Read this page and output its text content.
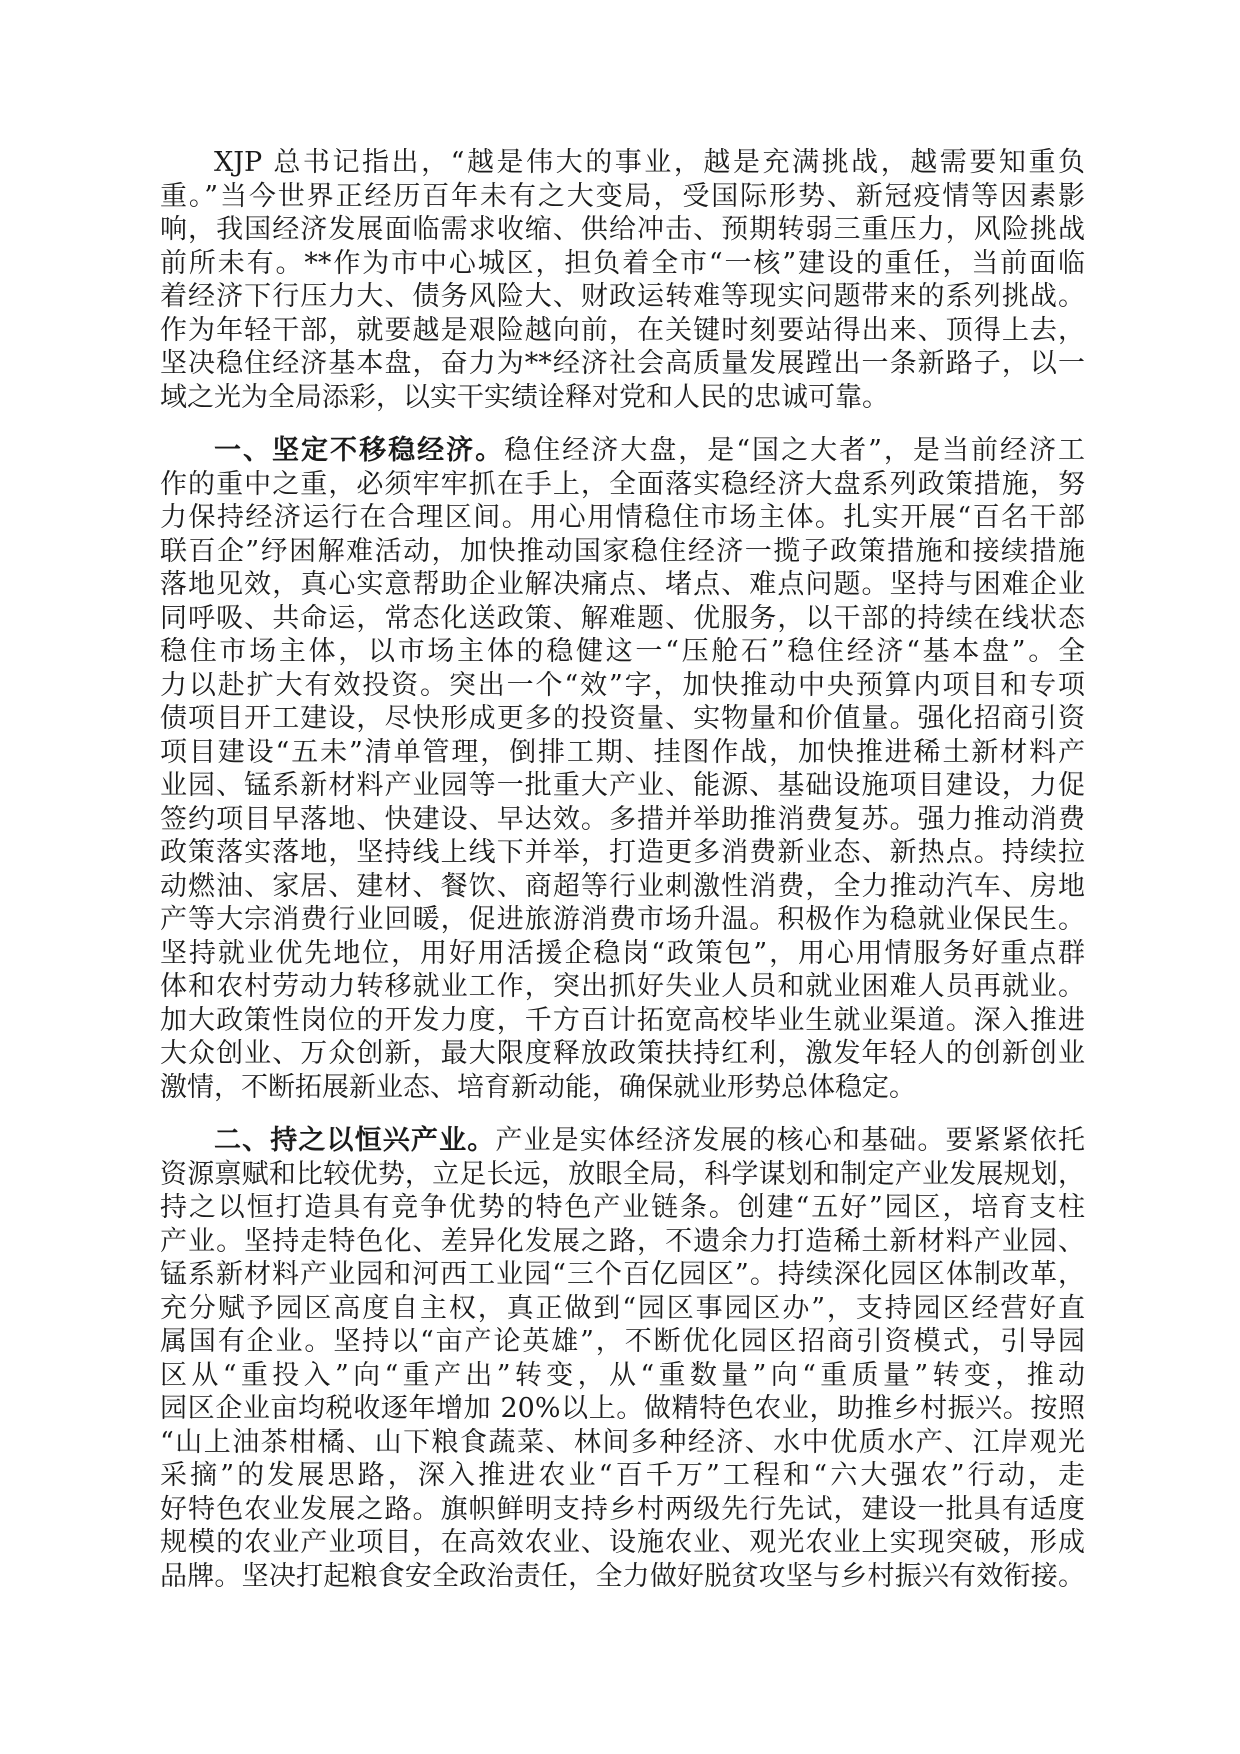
XJP 总书记指出，“越是伟大的事业，越是充满挑战，越需要知重负
重。”当今世界正经历百年未有之大变局，受国际形势、新冠疫情等因素影
响，我国经济发展面临需求收缩、供给冲击、预期转弱三重压力，风险挑战
前所未有。**作为市中心城区，担负着全市“一核”建设的重任，当前面临
着经济下行压力大、债务风险大、财政运转难等现实问题带来的系列挑战。
作为年轻干部，就要越是艰险越向前，在关键时刻要站得出来、顶得上去，
坚决稳住经济基本盘，奋力为**经济社会高质量发展蹚出一条新路子，以一
域之光为全局添彩，以实干实绩诠释对党和人民的忠诚可靠。
一、坚定不移稳经济。稳住经济大盘，是“国之大者”，是当前经济工
作的重中之重，必须牢牢抓在手上，全面落实稳经济大盘系列政策措施，努
力保持经济运行在合理区间。用心用情稳住市场主体。扎实开展“百名干部
联百企”纾困解难活动，加快推动国家稳住经济一揽子政策措施和接续措施
落地见效，真心实意帮助企业解决痛点、堵点、难点问题。坚持与困难企业
同呼吸、共命运，常态化送政策、解难题、优服务，以干部的持续在线状态
稳住市场主体，以市场主体的稳健这一“压舱石”稳住经济“基本盘”。全
力以赴扩大有效投资。突出一个“效”字，加快推动中央预算内项目和专项
债项目开工建设，尽快形成更多的投资量、实物量和价值量。强化招商引资
项目建设“五未”清单管理，倒排工期、挂图作战，加快推进稀土新材料产
业园、锰系新材料产业园等一批重大产业、能源、基础设施项目建设，力促
签约项目早落地、快建设、早达效。多措并举助推消费复苏。强力推动消费
政策落实落地，坚持线上线下并举，打造更多消费新业态、新热点。持续拉
动燃油、家居、建材、餐饮、商超等行业刺激性消费，全力推动汽车、房地
产等大宗消费行业回暖，促进旅游消费市场升温。积极作为稳就业保民生。
坚持就业优先地位，用好用活援企稳岗“政策包”，用心用情服务好重点群
体和农村劳动力转移就业工作，突出抓好失业人员和就业困难人员再就业。
加大政策性岗位的开发力度，千方百计拓宽高校毕业生就业渠道。深入推进
大众创业、万众创新，最大限度释放政策扶持红利，激发年轻人的创新创业
激情，不断拓展新业态、培育新动能，确保就业形势总体稳定。
二、持之以恒兴产业。产业是实体经济发展的核心和基础。要紧紧依托
资源禀赋和比较优势，立足长远，放眼全局，科学谋划和制定产业发展规划，
持之以恒打造具有竞争优势的特色产业链条。创建“五好”园区，培育支柱
产业。坚持走特色化、差异化发展之路，不遗余力打造稀土新材料产业园、
锰系新材料产业园和河西工业园“三个百亿园区”。持续深化园区体制改革，
充分赋予园区高度自主权，真正做到“园区事园区办”，支持园区经营好直
属国有企业。坚持以“亩产论英雄”，不断优化园区招商引资模式，引导园
区从“重投入”向“重产出”转变，从“重数量”向“重质量”转变，推动
园区企业亩均税收逐年增加 20%以上。做精特色农业，助推乡村振兴。按照
“山上油茶柑橘、山下粮食蔬菜、林间多种经济、水中优质水产、江岸观光
采摘”的发展思路，深入推进农业“百千万”工程和“六大强农”行动，走
好特色农业发展之路。旗帜鲜明支持乡村两级先行先试，建设一批具有适度
规模的农业产业项目，在高效农业、设施农业、观光农业上实现突破，形成
品牌。坚决打起粮食安全政治责任，全力做好脱贫攻坚与乡村振兴有效衔接。
